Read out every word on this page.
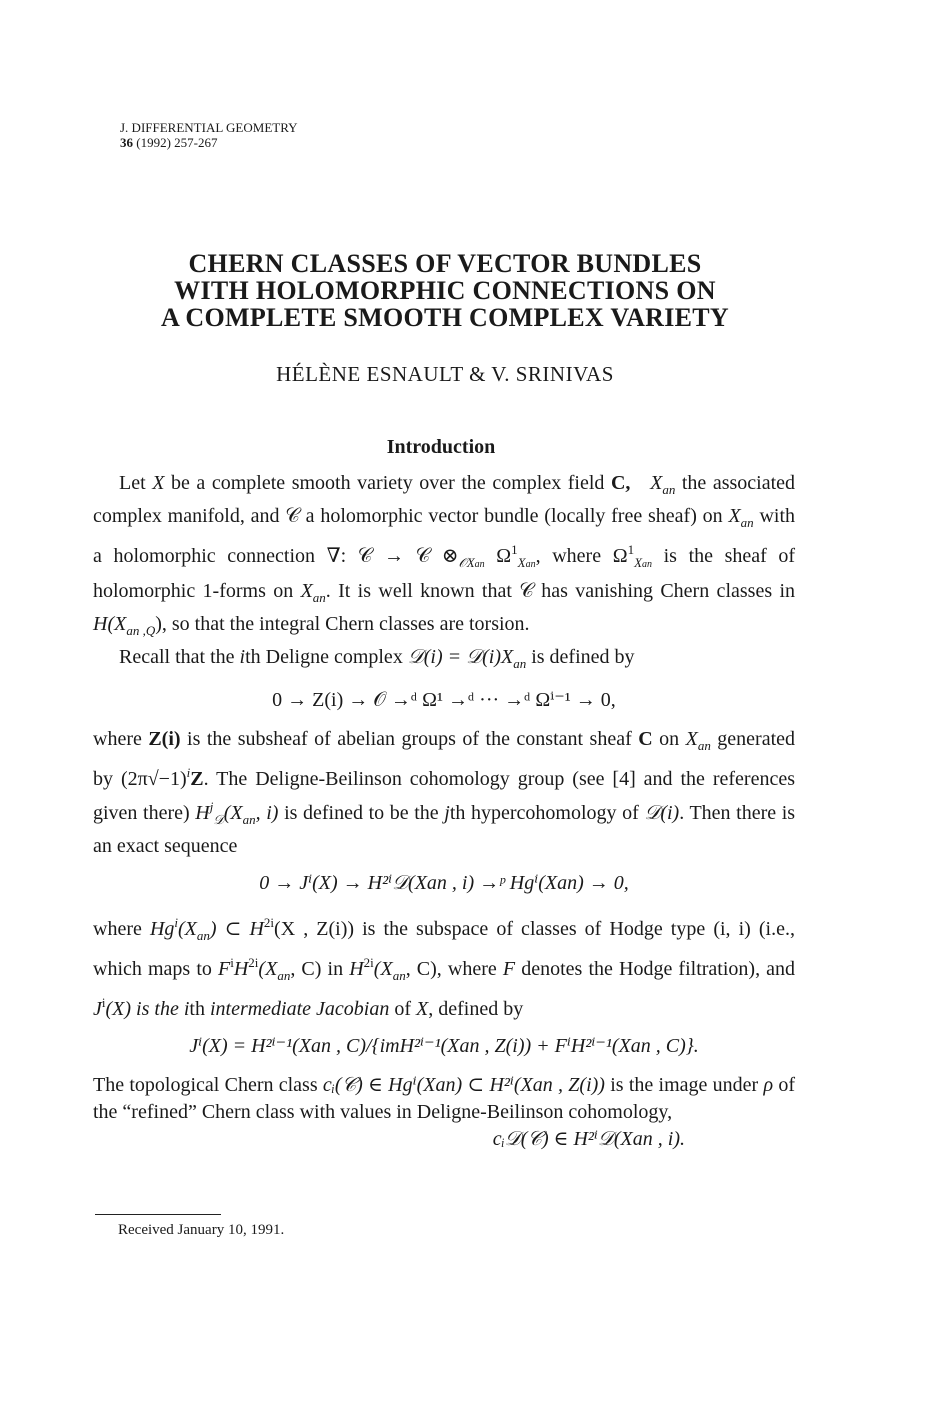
J. DIFFERENTIAL GEOMETRY
36 (1992) 257-267
CHERN CLASSES OF VECTOR BUNDLES
WITH HOLOMORPHIC CONNECTIONS ON
A COMPLETE SMOOTH COMPLEX VARIETY
HÉLÈNE ESNAULT & V. SRINIVAS
Introduction

Let X be a complete smooth variety over the complex field C, $X_{an}$ the associated complex manifold, and 𝒞 a holomorphic vector bundle (locally free sheaf) on $X_{an}$ with a holomorphic connection ∇: 𝒞 → 𝒞 $\otimes_{𝒪Xan}$ $\Omega^1_{Xan}$, where $\Omega^1_{Xan}$ is the sheaf of holomorphic 1-forms on $X_{an}$. It is well known that 𝒞 has vanishing Chern classes in $H(X_{an ,Q})$, so that the integral Chern classes are torsion.

Recall that the ith Deligne complex 𝒟(i) = $𝒟(i)X_{an}$ is defined by

0 → Z(i) → 𝒪 →ᵈ Ω¹ →ᵈ ··· →ᵈ Ωⁱ⁻¹ → 0,

where Z(i) is the subsheaf of abelian groups of the constant sheaf C on $X_{an}$ generated by $(2\pi√-1)^iZ$. The Deligne-Beilinson cohomology group (see [4] and the references given there) $H^j_𝒟(X_{an}$, i) is defined to be the jth hypercohomology of 𝒟(i). Then there is an exact sequence

0 → Jⁱ(X) → H²ⁱ𝒟(Xan , i) →ᵖ Hgⁱ(Xan) → 0,

where $Hg^i(X_{an})$ ⊂ $H^{2i}(X$ , Z(i)) is the subspace of classes of Hodge type (i, i) (i.e., which maps to $F^iH^{2i}(X_{an}$, C) in $H^{2i}(X_{an}$, C), where F denotes the Hodge filtration), and $J^i(X)$ is the ith intermediate Jacobian of X, defined by

Jⁱ(X) = H²ⁱ⁻¹(Xan , C)/{imH²ⁱ⁻¹(Xan , Z(i)) + FⁱH²ⁱ⁻¹(Xan , C)}.

The topological Chern class cᵢ(𝒞) ∈ Hgⁱ(Xan) ⊂ H²ⁱ(Xan , Z(i)) is the image under ρ of the “refined” Chern class with values in Deligne-Beilinson cohomology,

cᵢ𝒟(𝒞) ∈ H²ⁱ𝒟(Xan , i).
Received January 10, 1991.
